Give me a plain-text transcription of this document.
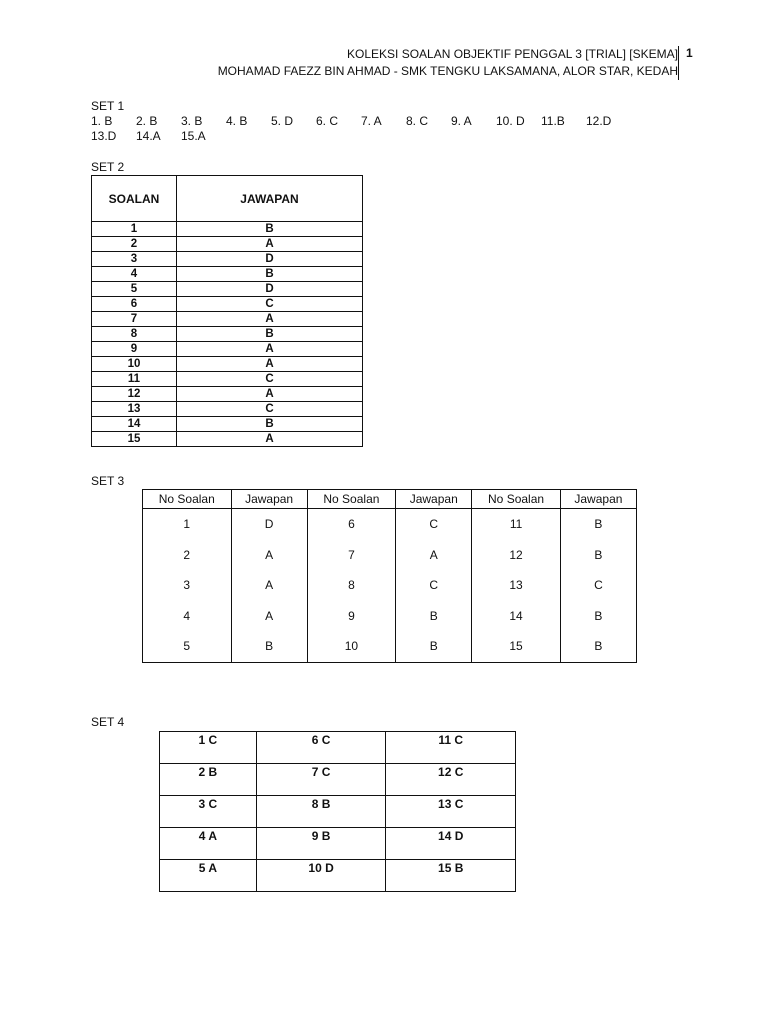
KOLEKSI SOALAN OBJEKTIF PENGGAL 3 [TRIAL] [SKEMA]
MOHAMAD FAEZZ BIN AHMAD - SMK TENGKU LAKSAMANA, ALOR STAR, KEDAH
1
SET 1
1. B 2. B 3. B 4. B 5. D 6. C 7. A 8. C 9. A 10. D 11.B 12.D13.D 14.A 15.A
SET 2
SOALAN	JAWAPAN
1	B
2	A
3	D
4	B
5	D
6	C
7	A
8	B
9	A
10	A
11	C
12	A
13	C
14	B
15	A
SET 3
No Soalan	Jawapan	No Soalan	Jawapan	No Soalan	Jawapan
1	D	6	C	11	B
2	A	7	A	12	B
3	A	8	C	13	C
4	A	9	B	14	B
5	B	10	B	15	B
SET 4
1 C	6 C	11 C
2 B	7 C	12 C
3 C	8 B	13 C
4 A	9 B	14 D
5 A	10 D	15 B
